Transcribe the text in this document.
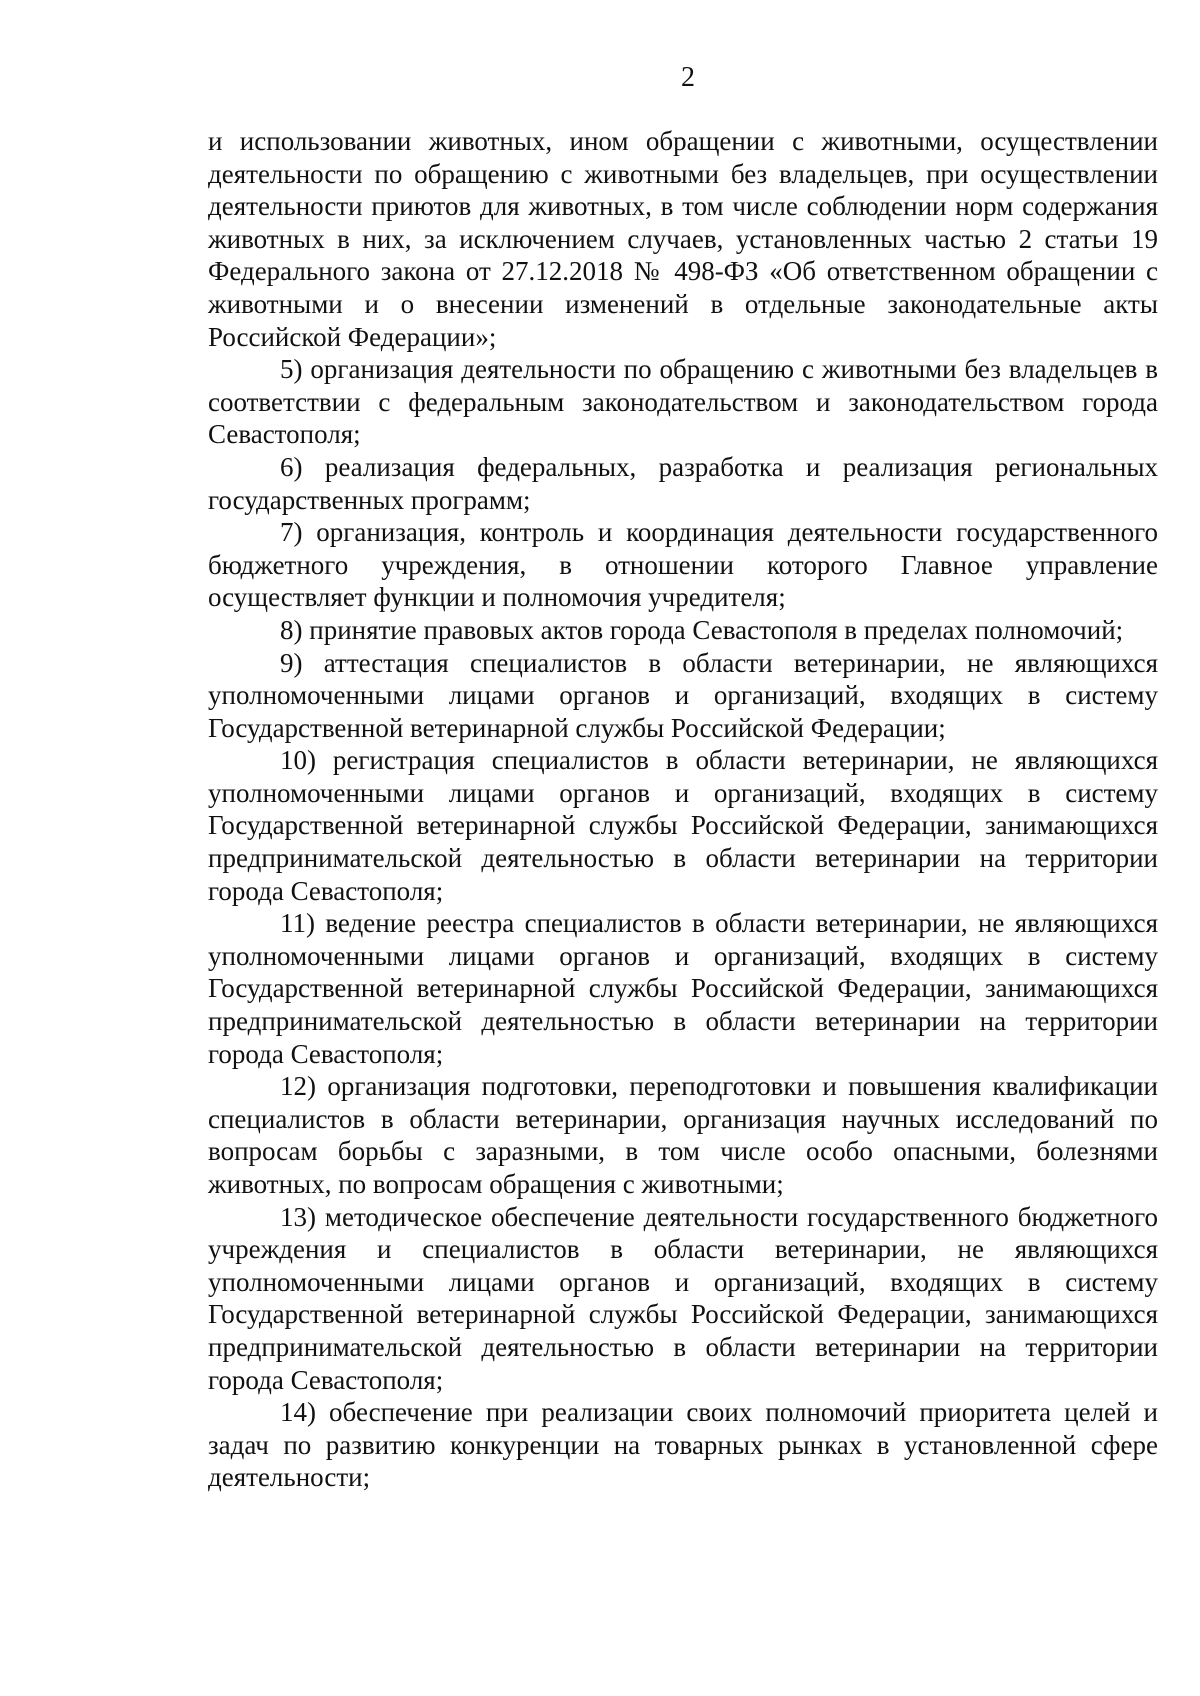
2

и использовании животных, ином обращении с животными, осуществлении деятельности по обращению с животными без владельцев, при осуществлении деятельности приютов для животных, в том числе соблюдении норм содержания животных в них, за исключением случаев, установленных частью 2 статьи 19 Федерального закона от 27.12.2018 № 498-ФЗ «Об ответственном обращении с животными и о внесении изменений в отдельные законодательные акты Российской Федерации»;

5) организация деятельности по обращению с животными без владельцев в соответствии с федеральным законодательством и законодательством города Севастополя;

6) реализация федеральных, разработка и реализация региональных государственных программ;

7) организация, контроль и координация деятельности государственного бюджетного учреждения, в отношении которого Главное управление осуществляет функции и полномочия учредителя;

8) принятие правовых актов города Севастополя в пределах полномочий;

9) аттестация специалистов в области ветеринарии, не являющихся уполномоченными лицами органов и организаций, входящих в систему Государственной ветеринарной службы Российской Федерации;

10) регистрация специалистов в области ветеринарии, не являющихся уполномоченными лицами органов и организаций, входящих в систему Государственной ветеринарной службы Российской Федерации, занимающихся предпринимательской деятельностью в области ветеринарии на территории города Севастополя;

11) ведение реестра специалистов в области ветеринарии, не являющихся уполномоченными лицами органов и организаций, входящих в систему Государственной ветеринарной службы Российской Федерации, занимающихся предпринимательской деятельностью в области ветеринарии на территории города Севастополя;

12) организация подготовки, переподготовки и повышения квалификации специалистов в области ветеринарии, организация научных исследований по вопросам борьбы с заразными, в том числе особо опасными, болезнями животных, по вопросам обращения с животными;

13) методическое обеспечение деятельности государственного бюджетного учреждения и специалистов в области ветеринарии, не являющихся уполномоченными лицами органов и организаций, входящих в систему Государственной ветеринарной службы Российской Федерации, занимающихся предпринимательской деятельностью в области ветеринарии на территории города Севастополя;

14) обеспечение при реализации своих полномочий приоритета целей и задач по развитию конкуренции на товарных рынках в установленной сфере деятельности;
